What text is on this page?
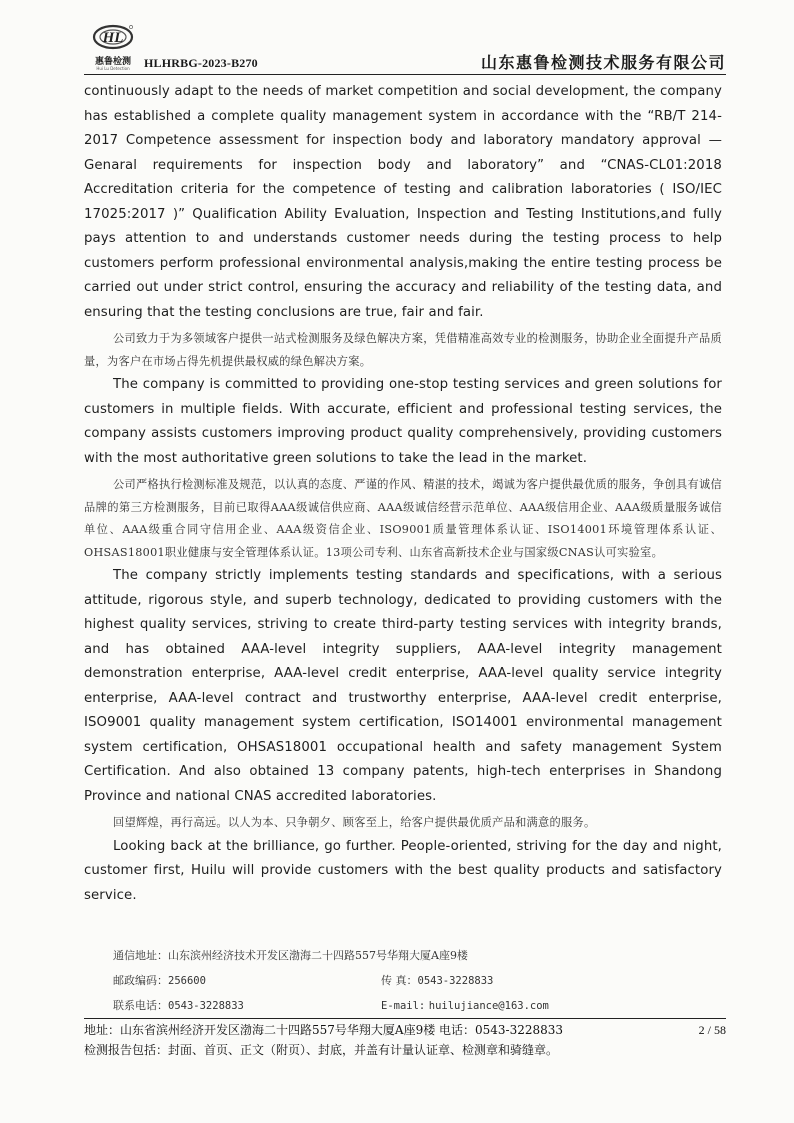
HL
惠鲁检测
Hui Lu Detection	HLHRBG-2023-B270	山东惠鲁检测技术服务有限公司

continuously adapt to the needs of market competition and social development, the company has established a complete quality management system in accordance with the “RB/T 214-2017 Competence assessment for inspection body and laboratory mandatory approval — Genaral requirements for inspection body and laboratory” and “CNAS-CL01:2018 Accreditation criteria for the competence of testing and calibration laboratories ( ISO/IEC 17025:2017 )” Qualification Ability Evaluation, Inspection and Testing Institutions,and fully pays attention to and understands customer needs during the testing process to help customers perform professional environmental analysis,making the entire testing process be carried out under strict control, ensuring the accuracy and reliability of the testing data, and ensuring that the testing conclusions are true, fair and fair.

公司致力于为多领域客户提供一站式检测服务及绿色解决方案，凭借精准高效专业的检测服务，协助企业全面提升产品质量，为客户在市场占得先机提供最权威的绿色解决方案。

The company is committed to providing one-stop testing services and green solutions for customers in multiple fields. With accurate, efficient and professional testing services, the company assists customers improving product quality comprehensively, providing customers with the most authoritative green solutions to take the lead in the market.

公司严格执行检测标准及规范，以认真的态度、严谨的作风、精湛的技术，竭诚为客户提供最优质的服务，争创具有诚信品牌的第三方检测服务，目前已取得AAA级诚信供应商、AAA级诚信经营示范单位、AAA级信用企业、AAA级质量服务诚信单位、AAA级重合同守信用企业、AAA级资信企业、ISO9001质量管理体系认证、ISO14001环境管理体系认证、OHSAS18001职业健康与安全管理体系认证。13项公司专利、山东省高新技术企业与国家级CNAS认可实验室。

The company strictly implements testing standards and specifications, with a serious attitude, rigorous style, and superb technology, dedicated to providing customers with the highest quality services, striving to create third-party testing services with integrity brands, and has obtained AAA-level integrity suppliers, AAA-level integrity management demonstration enterprise, AAA-level credit enterprise, AAA-level quality service integrity enterprise, AAA-level contract and trustworthy enterprise, AAA-level credit enterprise, ISO9001 quality management system certification, ISO14001 environmental management system certification, OHSAS18001 occupational health and safety management System Certification. And also obtained 13 company patents, high-tech enterprises in Shandong Province and national CNAS accredited laboratories.

回望辉煌，再行高远。以人为本、只争朝夕、顾客至上，给客户提供最优质产品和满意的服务。

Looking back at the brilliance, go further. People-oriented, striving for the day and night, customer first, Huilu will provide customers with the best quality products and satisfactory service.

通信地址：山东滨州经济技术开发区渤海二十四路557号华翔大厦A座9楼
邮政编码：256600	传 真：0543-3228833
联系电话：0543-3228833	E-mail: huilujiance@163.com
地址：山东省滨州经济开发区渤海二十四路557号华翔大厦A座9楼 电话：0543-3228833	2 / 58
检测报告包括：封面、首页、正文（附页）、封底，并盖有计量认证章、检测章和骑缝章。
